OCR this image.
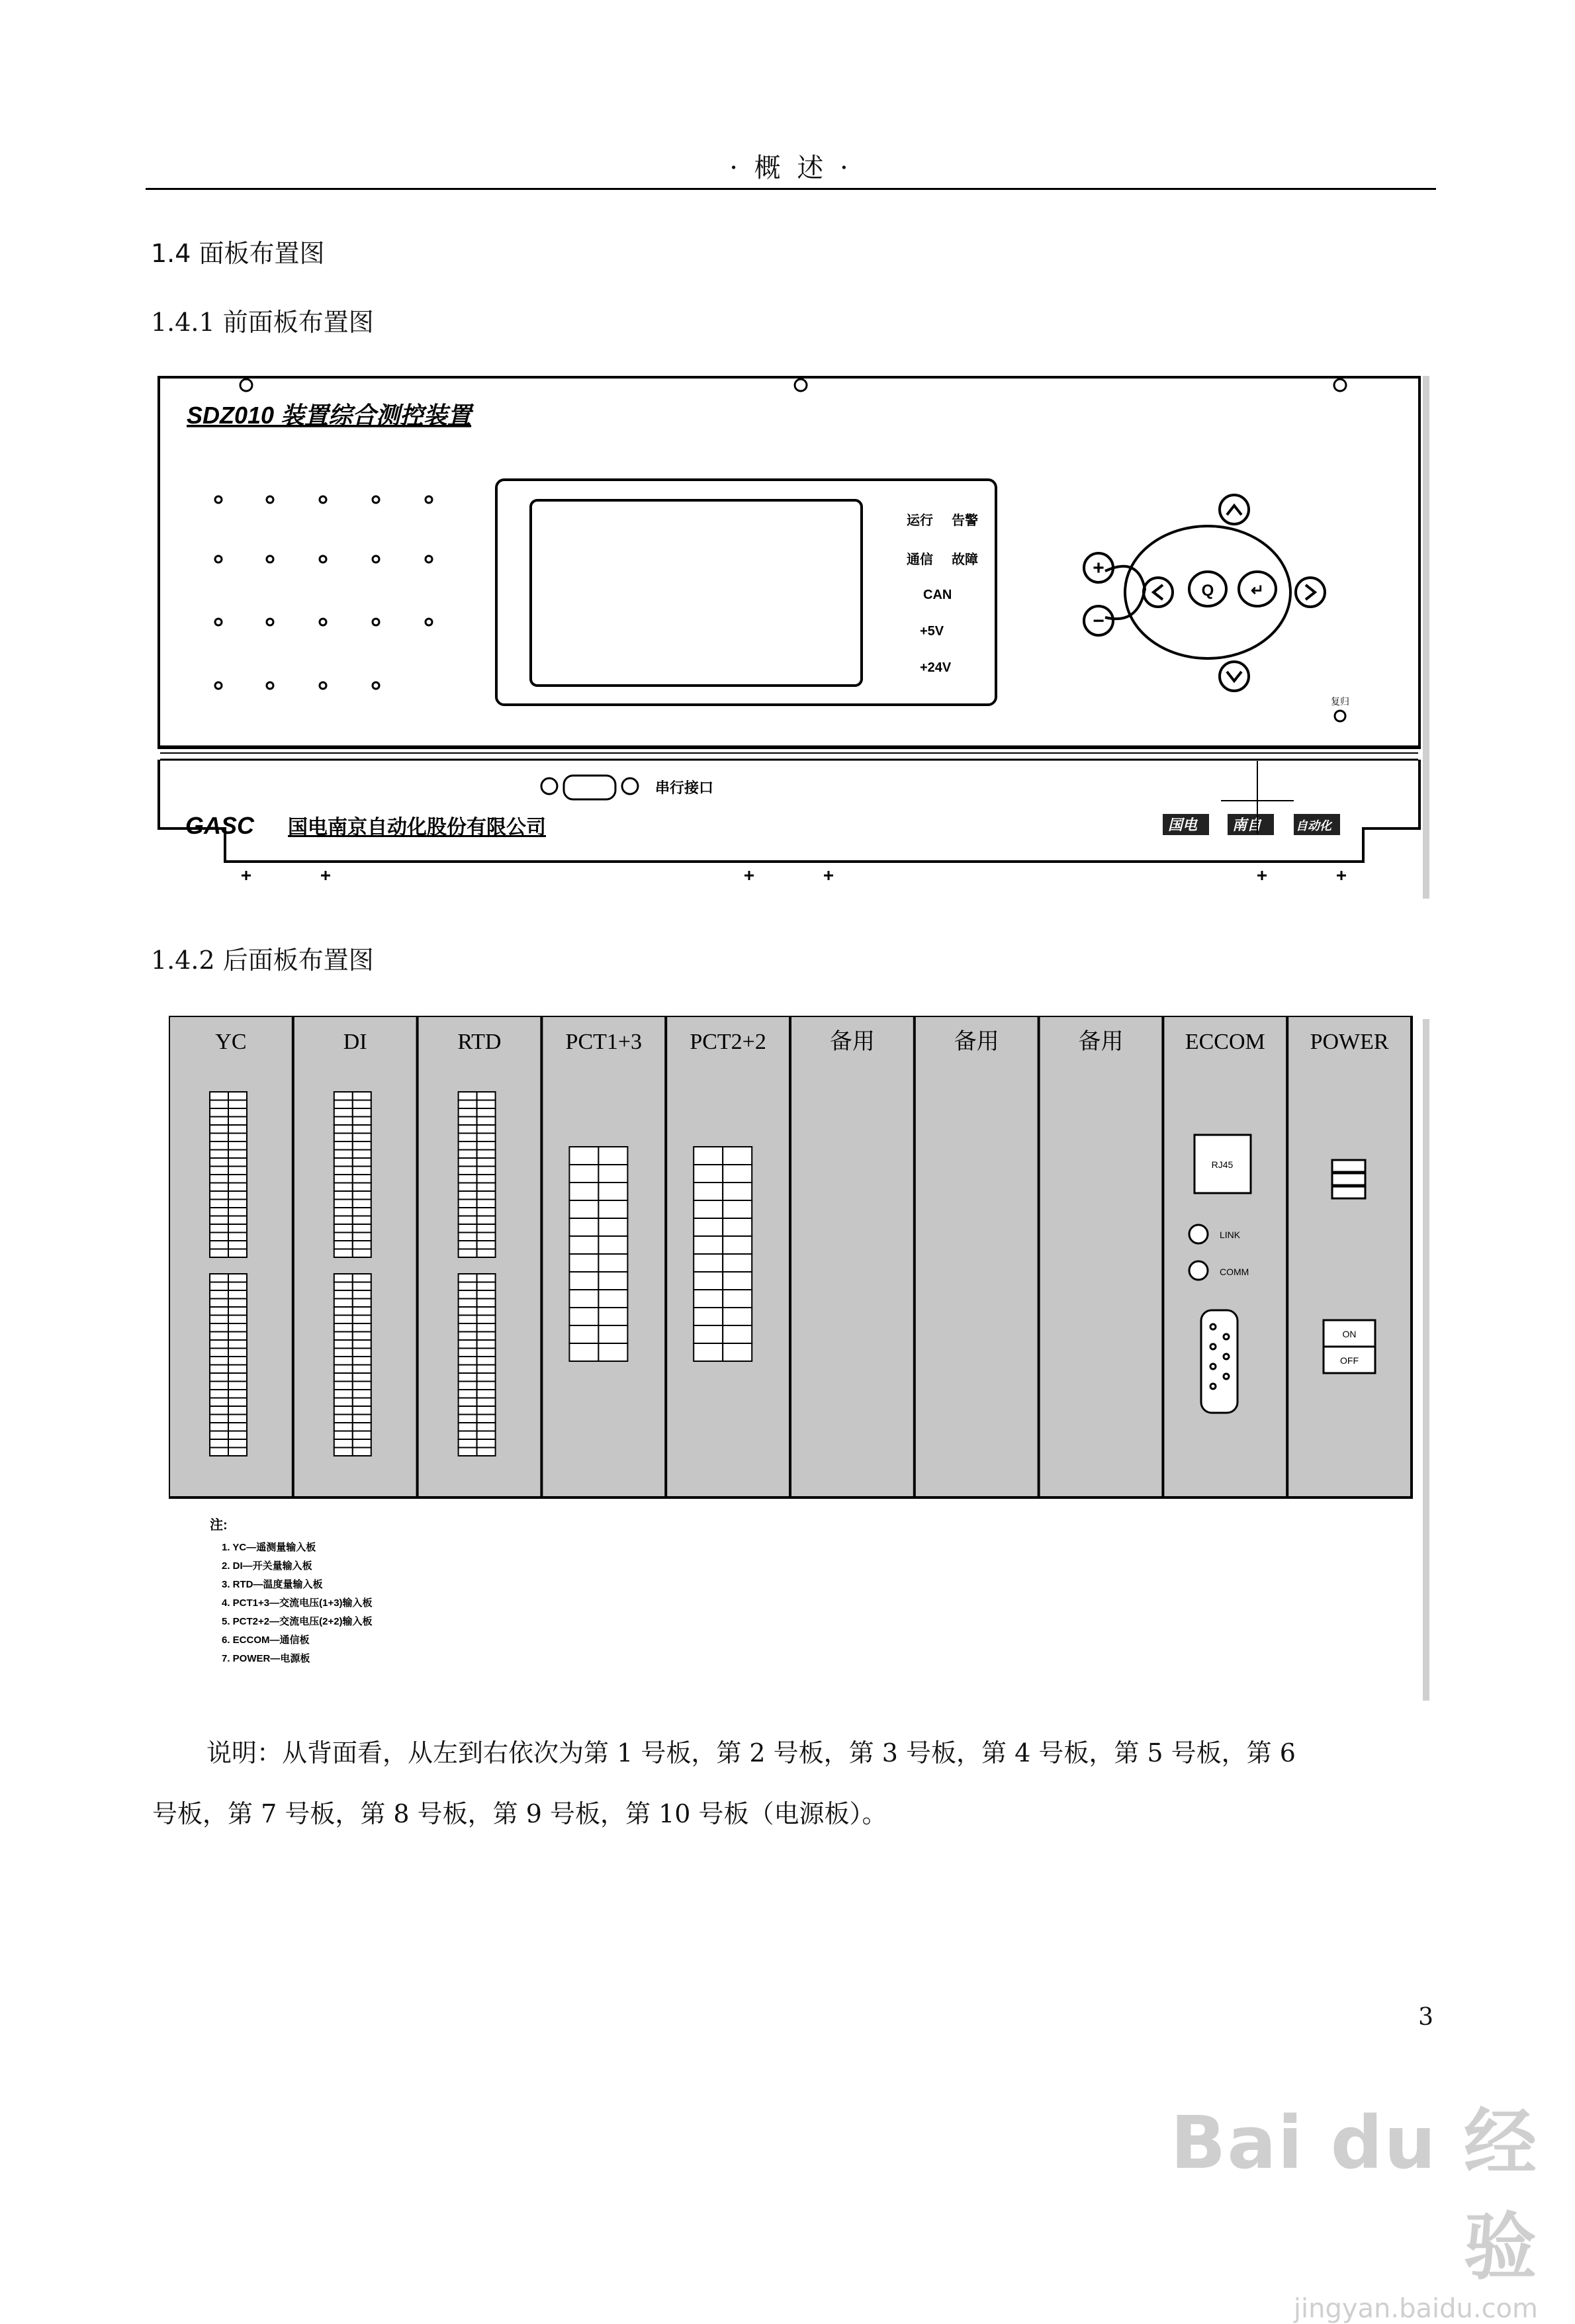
· 概 述 ·
1.4 面板布置图
1.4.1 前面板布置图
SDZ010 装置综合测控装置
运行 告警
通信 故障
CAN
+5V
+24V
+
−
Q ↵
复归
串行接口
GASC 国电南京自动化股份有限公司	国电 南自	自动化
1.4.2 后面板布置图
YC	DI	RTD	PCT1+3 PCT2+2	备用	备用	备用	ECCOM POWER
RJ45
LINK
COMM
ON
OFF
注:
1. YC—遥测量输入板
2. DI—开关量输入板
3. RTD—温度量输入板
4. PCT1+3—交流电压(1+3)输入板
5. PCT2+2—交流电压(2+2)输入板
6. ECCOM—通信板
7. POWER—电源板
说明：从背面看，从左到右依次为第 1 号板，第 2 号板，第 3 号板，第 4 号板，第 5 号板，第 6
号板，第 7 号板，第 8 号板，第 9 号板，第 10 号板（电源板）。
3
Bai du 经验
jingyan.baidu.com
